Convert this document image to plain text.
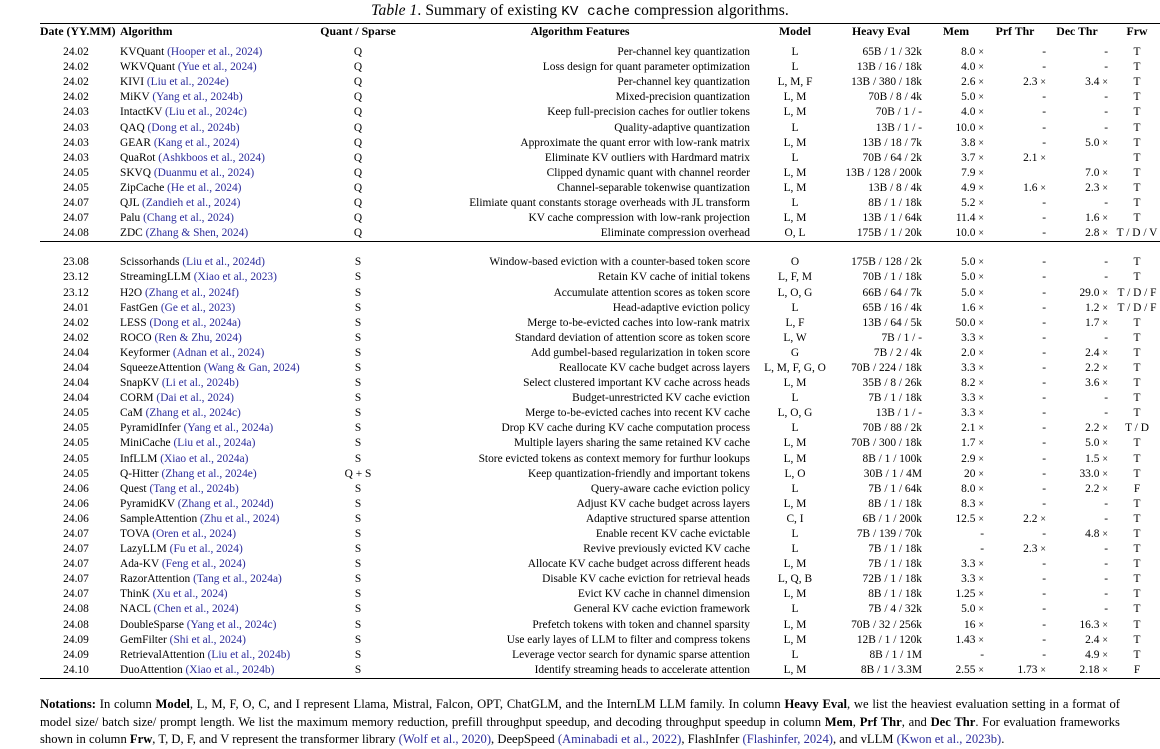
Table 1. Summary of existing KV cache compression algorithms.
Date (YY.MM)	Algorithm	Quant / Sparse	Algorithm Features	Model	Heavy Eval	Mem	Prf Thr	Dec Thr	Frw

24.02	KVQuant (Hooper et al., 2024)	Q	Per-channel key quantization	L	65B / 1 / 32k	8.0 ×	-	-	T
24.02	WKVQuant (Yue et al., 2024)	Q	Loss design for quant parameter optimization	L	13B / 16 / 18k	4.0 ×	-	-	T
24.02	KIVI (Liu et al., 2024e)	Q	Per-channel key quantization	L, M, F	13B / 380 / 18k	2.6 ×	2.3 ×	3.4 ×	T
24.02	MiKV (Yang et al., 2024b)	Q	Mixed-precision quantization	L, M	70B / 8 / 4k	5.0 ×	-	-	T
24.03	IntactKV (Liu et al., 2024c)	Q	Keep full-precision caches for outlier tokens	L, M	70B / 1 / -	4.0 ×	-	-	T
24.03	QAQ (Dong et al., 2024b)	Q	Quality-adaptive quantization	L	13B / 1 / -	10.0 ×	-	-	T
24.03	GEAR (Kang et al., 2024)	Q	Approximate the quant error with low-rank matrix	L, M	13B / 18 / 7k	3.8 ×	-	5.0 ×	T
24.03	QuaRot (Ashkboos et al., 2024)	Q	Eliminate KV outliers with Hardmard matrix	L	70B / 64 / 2k	3.7 ×	2.1 ×		T
24.05	SKVQ (Duanmu et al., 2024)	Q	Clipped dynamic quant with channel reorder	L, M	13B / 128 / 200k	7.9 ×		7.0 ×	T
24.05	ZipCache (He et al., 2024)	Q	Channel-separable tokenwise quantization	L, M	13B / 8 / 4k	4.9 ×	1.6 ×	2.3 ×	T
24.07	QJL (Zandieh et al., 2024)	Q	Elimiate quant constants storage overheads with JL transform	L	8B / 1 / 18k	5.2 ×	-	-	T
24.07	Palu (Chang et al., 2024)	Q	KV cache compression with low-rank projection	L, M	13B / 1 / 64k	11.4 ×	-	1.6 ×	T
24.08	ZDC (Zhang & Shen, 2024)	Q	Eliminate compression overhead	O, L	175B / 1 / 20k	10.0 ×	-	2.8 ×	T / D / V

23.08	Scissorhands (Liu et al., 2024d)	S	Window-based eviction with a counter-based token score	O	175B / 128 / 2k	5.0 ×	-	-	T
23.12	StreamingLLM (Xiao et al., 2023)	S	Retain KV cache of initial tokens	L, F, M	70B / 1 / 18k	5.0 ×	-	-	T
23.12	H2O (Zhang et al., 2024f)	S	Accumulate attention scores as token score	L, O, G	66B / 64 / 7k	5.0 ×	-	29.0 ×	T / D / F
24.01	FastGen (Ge et al., 2023)	S	Head-adaptive eviction policy	L	65B / 16 / 4k	1.6 ×	-	1.2 ×	T / D / F
24.02	LESS (Dong et al., 2024a)	S	Merge to-be-evicted caches into low-rank matrix	L, F	13B / 64 / 5k	50.0 ×	-	1.7 ×	T
24.02	ROCO (Ren & Zhu, 2024)	S	Standard deviation of attention score as token score	L, W	7B / 1 / -	3.3 ×	-	-	T
24.04	Keyformer (Adnan et al., 2024)	S	Add gumbel-based regularization in token score	G	7B / 2 / 4k	2.0 ×	-	2.4 ×	T
24.04	SqueezeAttention (Wang & Gan, 2024)	S	Reallocate KV cache budget across layers	L, M, F, G, O	70B / 224 / 18k	3.3 ×	-	2.2 ×	T
24.04	SnapKV (Li et al., 2024b)	S	Select clustered important KV cache across heads	L, M	35B / 8 / 26k	8.2 ×	-	3.6 ×	T
24.04	CORM (Dai et al., 2024)	S	Budget-unrestricted KV cache eviction	L	7B / 1 / 18k	3.3 ×	-	-	T
24.05	CaM (Zhang et al., 2024c)	S	Merge to-be-evicted caches into recent KV cache	L, O, G	13B / 1 / -	3.3 ×	-	-	T
24.05	PyramidInfer (Yang et al., 2024a)	S	Drop KV cache during KV cache computation process	L	70B / 88 / 2k	2.1 ×	-	2.2 ×	T / D
24.05	MiniCache (Liu et al., 2024a)	S	Multiple layers sharing the same retained KV cache	L, M	70B / 300 / 18k	1.7 ×	-	5.0 ×	T
24.05	InfLLM (Xiao et al., 2024a)	S	Store evicted tokens as context memory for furthur lookups	L, M	8B / 1 / 100k	2.9 ×	-	1.5 ×	T
24.05	Q-Hitter (Zhang et al., 2024e)	Q + S	Keep quantization-friendly and important tokens	L, O	30B / 1 / 4M	20 ×	-	33.0 ×	T
24.06	Quest (Tang et al., 2024b)	S	Query-aware cache eviction policy	L	7B / 1 / 64k	8.0 ×	-	2.2 ×	F
24.06	PyramidKV (Zhang et al., 2024d)	S	Adjust KV cache budget across layers	L, M	8B / 1 / 18k	8.3 ×	-	-	T
24.06	SampleAttention (Zhu et al., 2024)	S	Adaptive structured sparse attention	C, I	6B / 1 / 200k	12.5 ×	2.2 ×	-	T
24.07	TOVA (Oren et al., 2024)	S	Enable recent KV cache evictable	L	7B / 139 / 70k	-	-	4.8 ×	T
24.07	LazyLLM (Fu et al., 2024)	S	Revive previously evicted KV cache	L	7B / 1 / 18k	-	2.3 ×	-	T
24.07	Ada-KV (Feng et al., 2024)	S	Allocate KV cache budget across different heads	L, M	7B / 1 / 18k	3.3 ×	-	-	T
24.07	RazorAttention (Tang et al., 2024a)	S	Disable KV cache eviction for retrieval heads	L, Q, B	72B / 1 / 18k	3.3 ×	-	-	T
24.07	ThinK (Xu et al., 2024)	S	Evict KV cache in channel dimension	L, M	8B / 1 / 18k	1.25 ×	-	-	T
24.08	NACL (Chen et al., 2024)	S	General KV cache eviction framework	L	7B / 4 / 32k	5.0 ×	-	-	T
24.08	DoubleSparse (Yang et al., 2024c)	S	Prefetch tokens with token and channel sparsity	L, M	70B / 32 / 256k	16 ×	-	16.3 ×	T
24.09	GemFilter (Shi et al., 2024)	S	Use early layes of LLM to filter and compress tokens	L, M	12B / 1 / 120k	1.43 ×	-	2.4 ×	T
24.09	RetrievalAttention (Liu et al., 2024b)	S	Leverage vector search for dynamic sparse attention	L	8B / 1 / 1M	-	-	4.9 ×	T
24.10	DuoAttention (Xiao et al., 2024b)	S	Identify streaming heads to accelerate attention	L, M	8B / 1 / 3.3M	2.55 ×	1.73 ×	2.18 ×	F

Notations: In column Model, L, M, F, O, C, and I represent Llama, Mistral, Falcon, OPT, ChatGLM, and the InternLM LLM family. In column Heavy Eval, we list the heaviest evaluation setting in a format of model size/ batch size/ prompt length. We list the maximum memory reduction, prefill throughput speedup, and decoding throughput speedup in column Mem, Prf Thr, and Dec Thr. For evaluation frameworks shown in column Frw, T, D, F, and V represent the transformer library (Wolf et al., 2020), DeepSpeed (Aminabadi et al., 2022), FlashInfer (Flashinfer, 2024), and vLLM (Kwon et al., 2023b).
